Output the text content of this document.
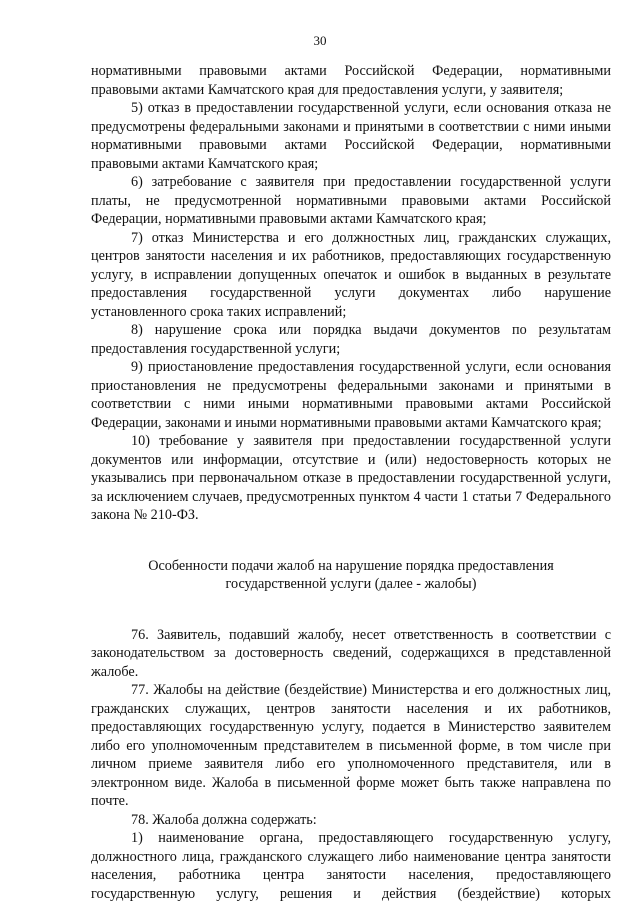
30

нормативными правовыми актами Российской Федерации, нормативными правовыми актами Камчатского края для предоставления услуги, у заявителя;

5) отказ в предоставлении государственной услуги, если основания отказа не предусмотрены федеральными законами и принятыми в соответствии с ними иными нормативными правовыми актами Российской Федерации, нормативными правовыми актами Камчатского края;

6) затребование с заявителя при предоставлении государственной услуги платы, не предусмотренной нормативными правовыми актами Российской Федерации, нормативными правовыми актами Камчатского края;

7) отказ Министерства и его должностных лиц, гражданских служащих, центров занятости населения и их работников, предоставляющих государственную услугу, в исправлении допущенных опечаток и ошибок в выданных в результате предоставления государственной услуги документах либо нарушение установленного срока таких исправлений;

8) нарушение срока или порядка выдачи документов по результатам предоставления государственной услуги;

9) приостановление предоставления государственной услуги, если основания приостановления не предусмотрены федеральными законами и принятыми в соответствии с ними иными нормативными правовыми актами Российской Федерации, законами и иными нормативными правовыми актами Камчатского края;

10) требование у заявителя при предоставлении государственной услуги документов или информации, отсутствие и (или) недостоверность которых не указывались при первоначальном отказе в предоставлении государственной услуги, за исключением случаев, предусмотренных пунктом 4 части 1 статьи 7 Федерального закона № 210-ФЗ.

Особенности подачи жалоб на нарушение порядка предоставления

государственной услуги (далее - жалобы)

76. Заявитель, подавший жалобу, несет ответственность в соответствии с законодательством за достоверность сведений, содержащихся в представленной жалобе.

77. Жалобы на действие (бездействие) Министерства и его должностных лиц, гражданских служащих, центров занятости населения и их работников, предоставляющих государственную услугу, подается в Министерство заявителем либо его уполномоченным представителем в письменной форме, в том числе при личном приеме заявителя либо его уполномоченного представителя, или в электронном виде. Жалоба в письменной форме может быть также направлена по почте.

78. Жалоба должна содержать:

1) наименование органа, предоставляющего государственную услугу, должностного лица, гражданского служащего либо наименование центра занятости населения, работника центра занятости населения, предоставляющего государственную услугу, решения и действия (бездействие) которых
